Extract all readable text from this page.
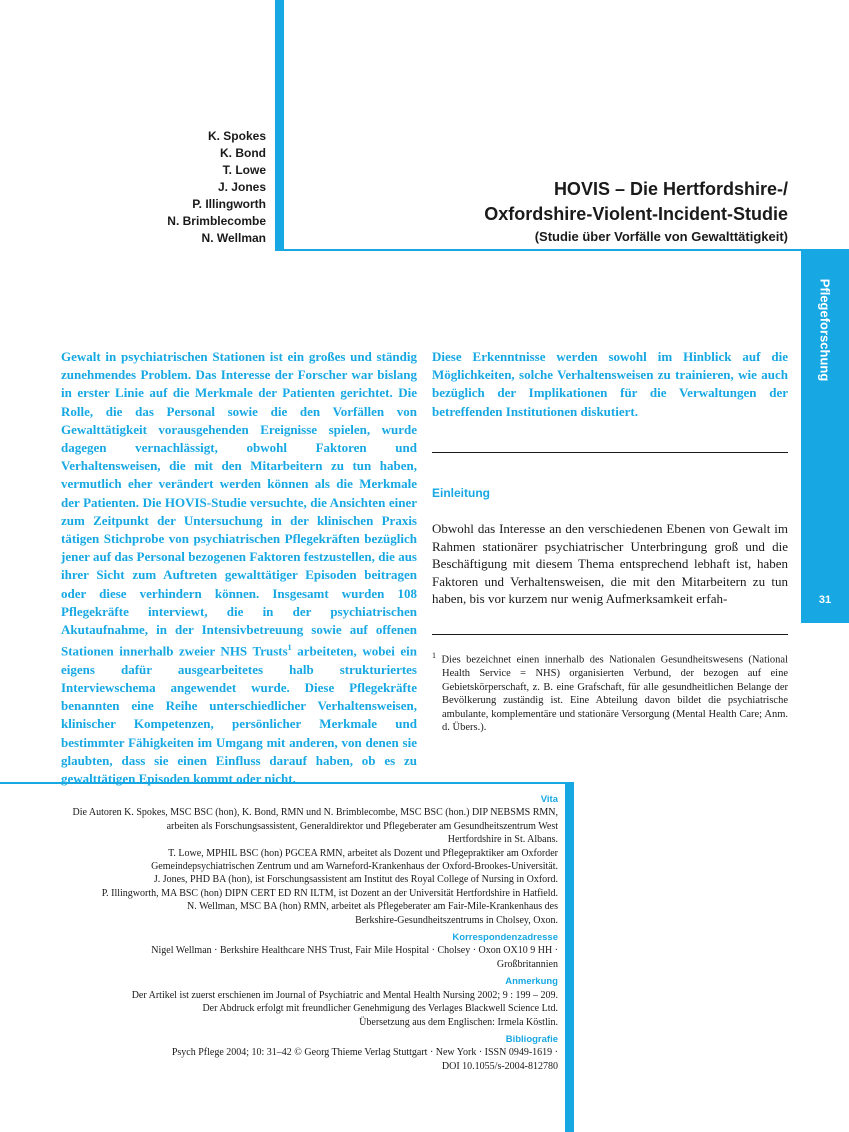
Pflegeforschung
31
K. Spokes
K. Bond
T. Lowe
J. Jones
P. Illingworth
N. Brimblecombe
N. Wellman
HOVIS – Die Hertfordshire-/
Oxfordshire-Violent-Incident-Studie
(Studie über Vorfälle von Gewalttätigkeit)
Gewalt in psychiatrischen Stationen ist ein großes und ständig zunehmendes Problem. Das Interesse der Forscher war bislang in erster Linie auf die Merkmale der Patienten gerichtet. Die Rolle, die das Personal sowie die den Vorfällen von Gewalttätigkeit vorausgehenden Ereignisse spielen, wurde dagegen vernachlässigt, obwohl Faktoren und Verhaltensweisen, die mit den Mitarbeitern zu tun haben, vermutlich eher verändert werden können als die Merkmale der Patienten. Die HOVIS-Studie versuchte, die Ansichten einer zum Zeitpunkt der Untersuchung in der klinischen Praxis tätigen Stichprobe von psychiatrischen Pflegekräften bezüglich jener auf das Personal bezogenen Faktoren festzustellen, die aus ihrer Sicht zum Auftreten gewalttätiger Episoden beitragen oder diese verhindern können. Insgesamt wurden 108 Pflegekräfte interviewt, die in der psychiatrischen Akutaufnahme, in der Intensivbetreuung sowie auf offenen Stationen innerhalb zweier NHS Trusts$^1$ arbeiteten, wobei ein eigens dafür ausgearbeitetes halb strukturiertes Interviewschema angewendet wurde. Diese Pflegekräfte benannten eine Reihe unterschiedlicher Verhaltensweisen, klinischer Kompetenzen, persönlicher Merkmale und bestimmter Fähigkeiten im Umgang mit anderen, von denen sie glaubten, dass sie einen Einfluss darauf haben, ob es zu gewalttätigen Episoden kommt oder nicht.
Diese Erkenntnisse werden sowohl im Hinblick auf die Möglichkeiten, solche Verhaltensweisen zu trainieren, wie auch bezüglich der Implikationen für die Verwaltungen der betreffenden Institutionen diskutiert.
Einleitung
Obwohl das Interesse an den verschiedenen Ebenen von Gewalt im Rahmen stationärer psychiatrischer Unterbringung groß und die Beschäftigung mit diesem Thema entsprechend lebhaft ist, haben Faktoren und Verhaltensweisen, die mit den Mitarbeitern zu tun haben, bis vor kurzem nur wenig Aufmerksamkeit erfah-
$^1$ Dies bezeichnet einen innerhalb des Nationalen Gesundheitswesens (National Health Service = NHS) organisierten Verbund, der bezogen auf eine Gebietskörperschaft, z. B. eine Grafschaft, für alle gesundheitlichen Belange der Bevölkerung zuständig ist. Eine Abteilung davon bildet die psychiatrische ambulante, komplementäre und stationäre Versorgung (Mental Health Care; Anm. d. Übers.).
Vita
Die Autoren K. Spokes, MSC BSC (hon), K. Bond, RMN und N. Brimblecombe, MSC BSC (hon.) DIP NEBSMS RMN,
arbeiten als Forschungsassistent, Generaldirektor und Pflegeberater am Gesundheitszentrum West
Hertfordshire in St. Albans.
T. Lowe, MPHIL BSC (hon) PGCEA RMN, arbeitet als Dozent und Pflegepraktiker am Oxforder
Gemeindepsychiatrischen Zentrum und am Warneford-Krankenhaus der Oxford-Brookes-Universität.
J. Jones, PHD BA (hon), ist Forschungsassistent am Institut des Royal College of Nursing in Oxford.
P. Illingworth, MA BSC (hon) DIPN CERT ED RN ILTM, ist Dozent an der Universität Hertfordshire in Hatfield.
N. Wellman, MSC BA (hon) RMN, arbeitet als Pflegeberater am Fair-Mile-Krankenhaus des
Berkshire-Gesundheitszentrums in Cholsey, Oxon.
Korrespondenzadresse
Nigel Wellman · Berkshire Healthcare NHS Trust, Fair Mile Hospital · Cholsey · Oxon OX10 9 HH ·
Großbritannien
Anmerkung
Der Artikel ist zuerst erschienen im Journal of Psychiatric and Mental Health Nursing 2002; 9 : 199 – 209.
Der Abdruck erfolgt mit freundlicher Genehmigung des Verlages Blackwell Science Ltd.
Übersetzung aus dem Englischen: Irmela Köstlin.
Bibliografie
Psych Pflege 2004; 10: 31–42 © Georg Thieme Verlag Stuttgart · New York · ISSN 0949-1619 ·
DOI 10.1055/s-2004-812780
